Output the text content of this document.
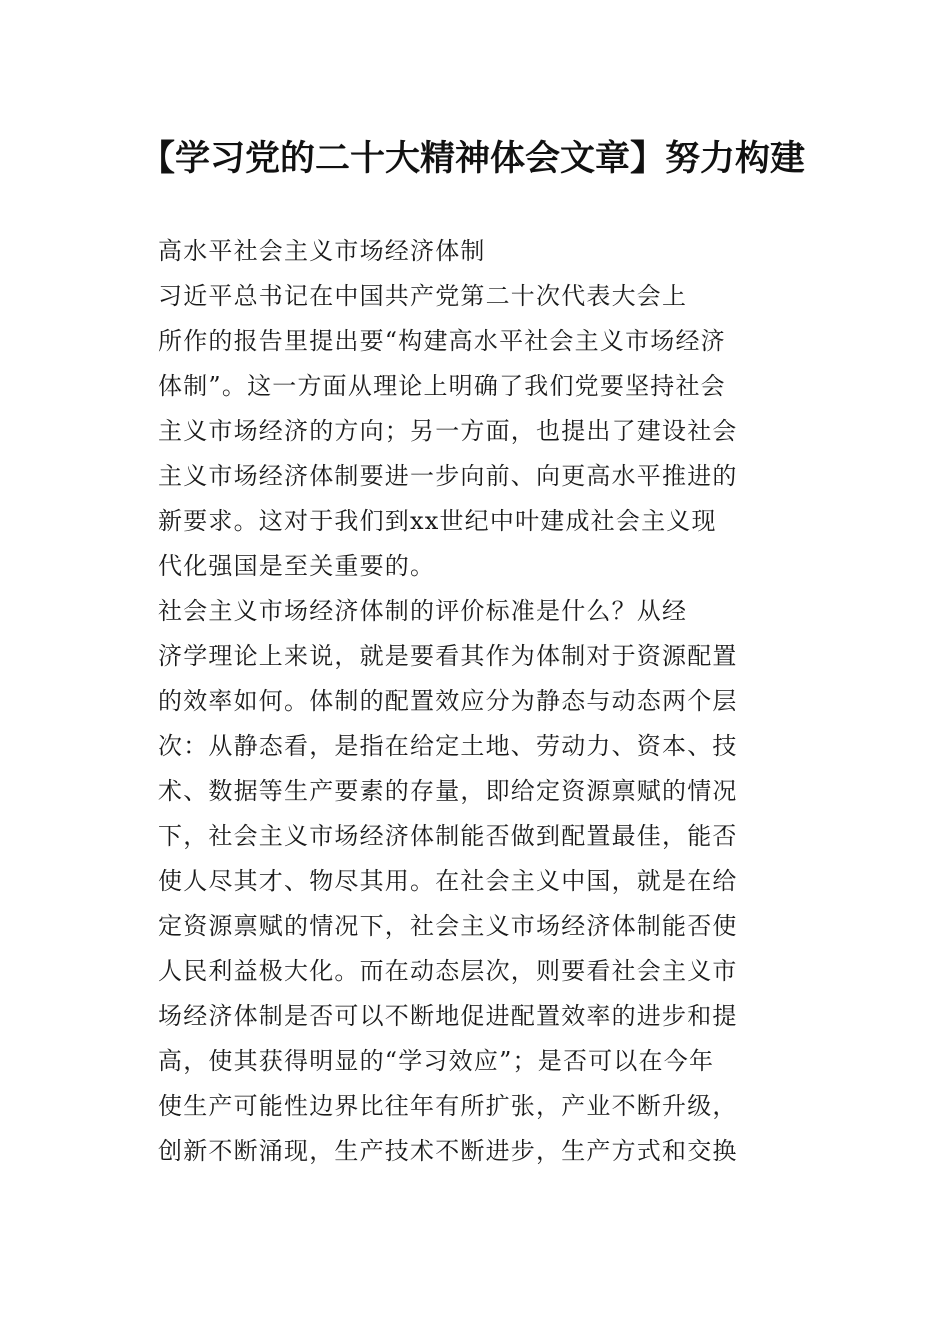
【学习党的二十大精神体会文章】努力构建
高水平社会主义市场经济体制
习近平总书记在中国共产党第二十次代表大会上
所作的报告里提出要“构建高水平社会主义市场经济
体制”。这一方面从理论上明确了我们党要坚持社会
主义市场经济的方向；另一方面，也提出了建设社会
主义市场经济体制要进一步向前、向更高水平推进的
新要求。这对于我们到xx世纪中叶建成社会主义现
代化强国是至关重要的。
社会主义市场经济体制的评价标准是什么？从经
济学理论上来说，就是要看其作为体制对于资源配置
的效率如何。体制的配置效应分为静态与动态两个层
次：从静态看，是指在给定土地、劳动力、资本、技
术、数据等生产要素的存量，即给定资源禀赋的情况
下，社会主义市场经济体制能否做到配置最佳，能否
使人尽其才、物尽其用。在社会主义中国，就是在给
定资源禀赋的情况下，社会主义市场经济体制能否使
人民利益极大化。而在动态层次，则要看社会主义市
场经济体制是否可以不断地促进配置效率的进步和提
高，使其获得明显的“学习效应”；是否可以在今年
使生产可能性边界比往年有所扩张，产业不断升级，
创新不断涌现，生产技术不断进步，生产方式和交换
